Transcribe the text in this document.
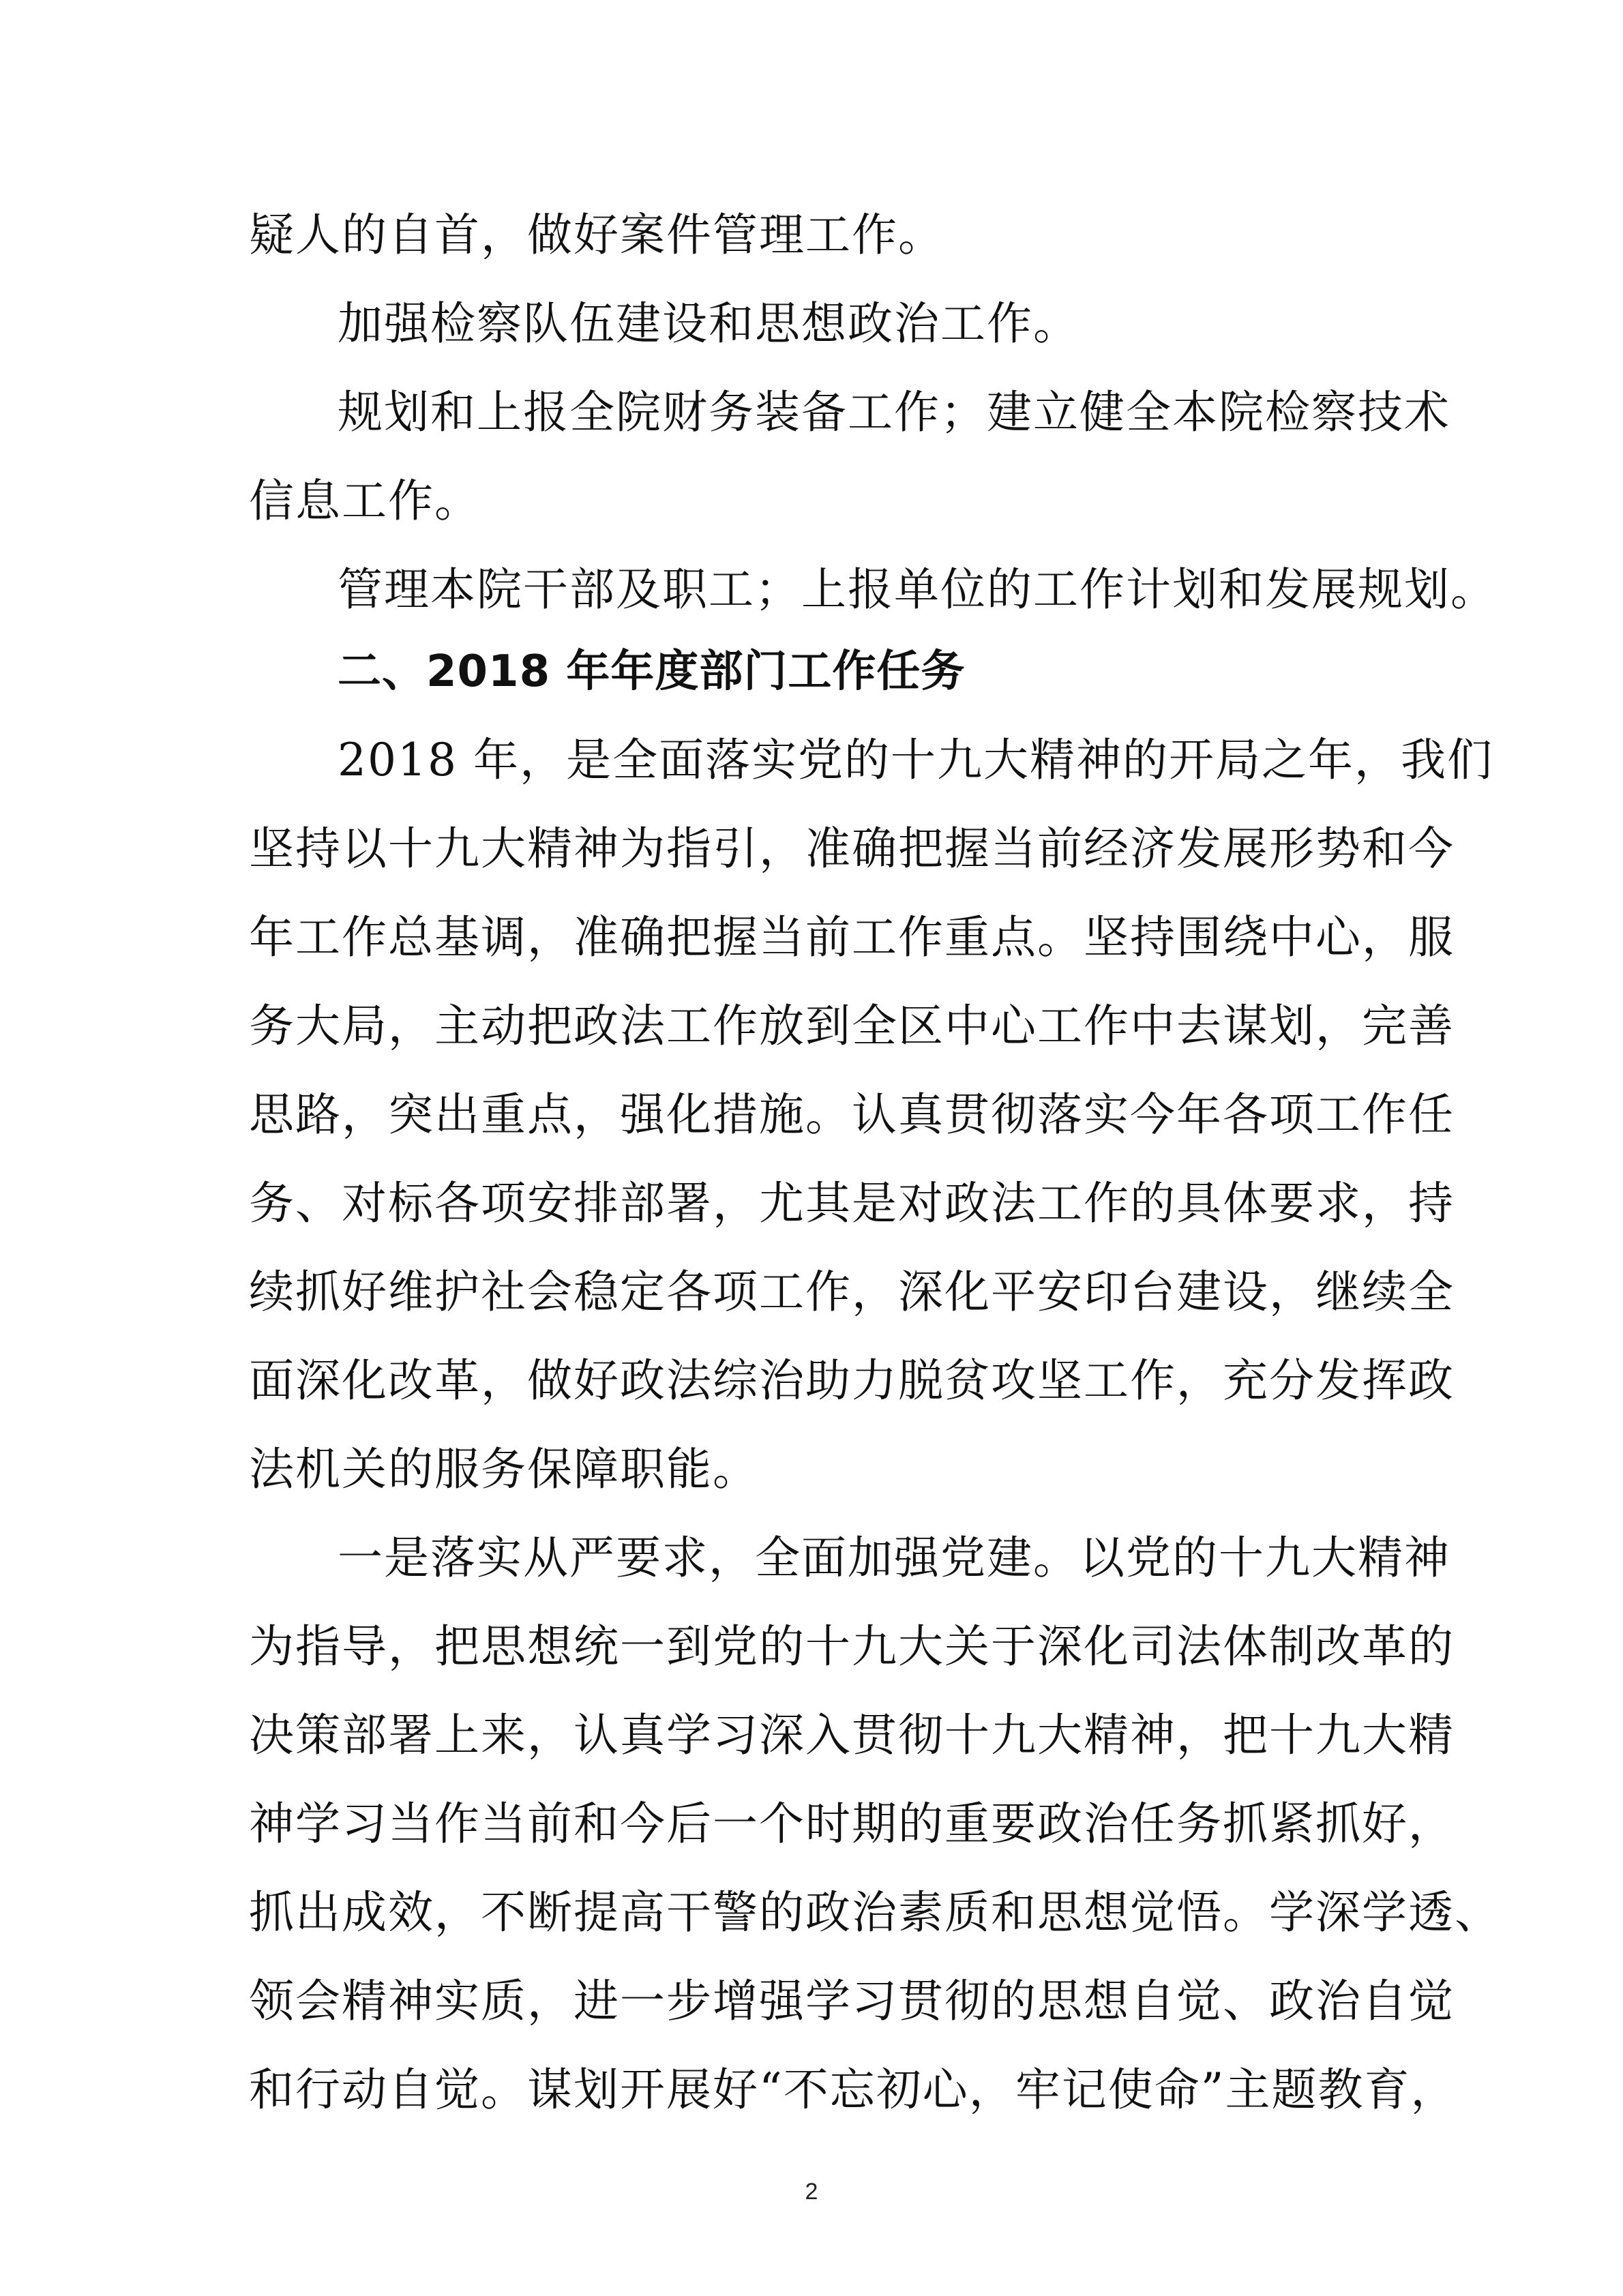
疑人的自首，做好案件管理工作。
加强检察队伍建设和思想政治工作。
规划和上报全院财务装备工作；建立健全本院检察技术
信息工作。
管理本院干部及职工；上报单位的工作计划和发展规划。
二、2018 年年度部门工作任务
2018 年，是全面落实党的十九大精神的开局之年，我们
坚持以十九大精神为指引，准确把握当前经济发展形势和今
年工作总基调，准确把握当前工作重点。坚持围绕中心，服
务大局，主动把政法工作放到全区中心工作中去谋划，完善
思路，突出重点，强化措施。认真贯彻落实今年各项工作任
务、对标各项安排部署，尤其是对政法工作的具体要求，持
续抓好维护社会稳定各项工作，深化平安印台建设，继续全
面深化改革，做好政法综治助力脱贫攻坚工作，充分发挥政
法机关的服务保障职能。
一是落实从严要求，全面加强党建。以党的十九大精神
为指导，把思想统一到党的十九大关于深化司法体制改革的
决策部署上来，认真学习深入贯彻十九大精神，把十九大精
神学习当作当前和今后一个时期的重要政治任务抓紧抓好，
抓出成效，不断提高干警的政治素质和思想觉悟。学深学透、
领会精神实质，进一步增强学习贯彻的思想自觉、政治自觉
和行动自觉。谋划开展好“不忘初心，牢记使命”主题教育，
2
